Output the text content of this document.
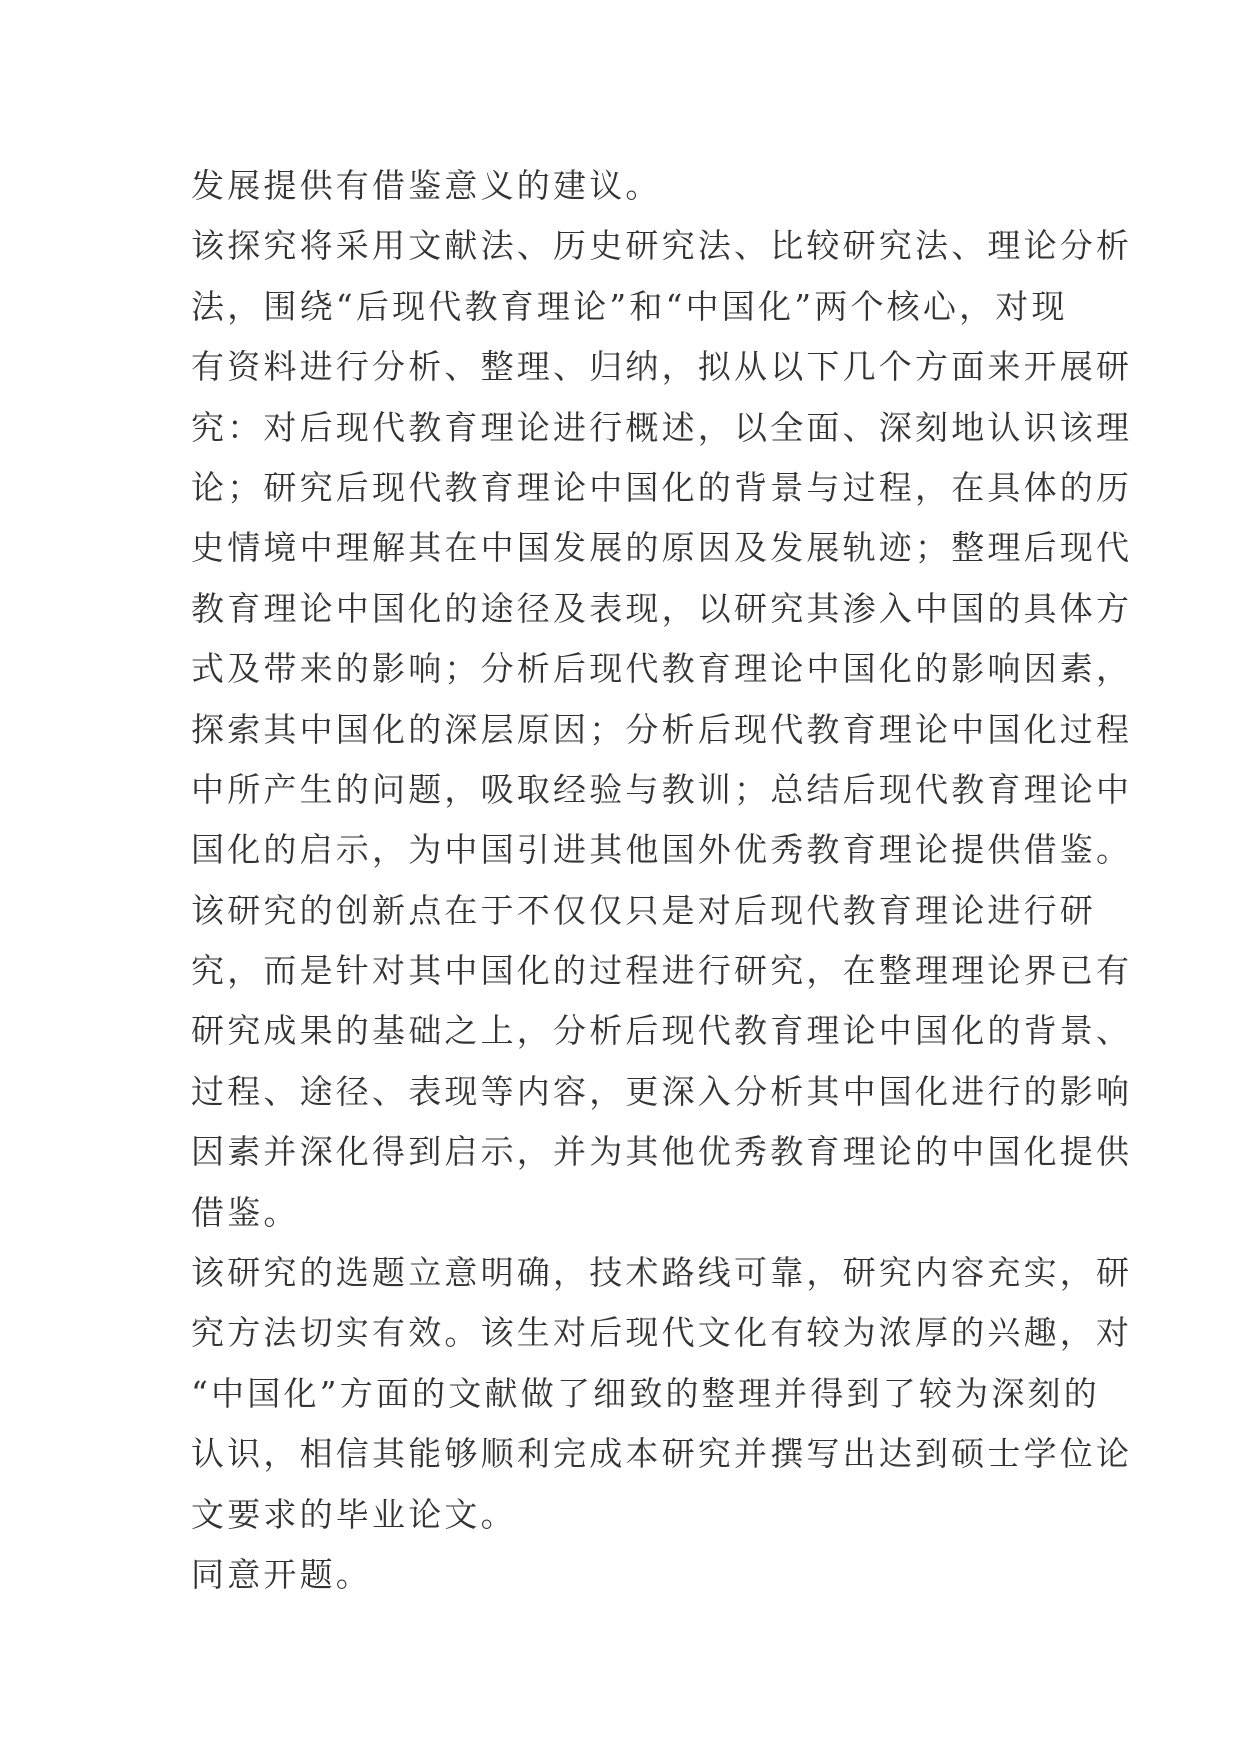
发展提供有借鉴意义的建议。
该探究将采用文献法、历史研究法、比较研究法、理论分析
法，围绕“后现代教育理论”和“中国化”两个核心，对现
有资料进行分析、整理、归纳，拟从以下几个方面来开展研
究：对后现代教育理论进行概述，以全面、深刻地认识该理
论；研究后现代教育理论中国化的背景与过程，在具体的历
史情境中理解其在中国发展的原因及发展轨迹；整理后现代
教育理论中国化的途径及表现，以研究其渗入中国的具体方
式及带来的影响；分析后现代教育理论中国化的影响因素，
探索其中国化的深层原因；分析后现代教育理论中国化过程
中所产生的问题，吸取经验与教训；总结后现代教育理论中
国化的启示，为中国引进其他国外优秀教育理论提供借鉴。
该研究的创新点在于不仅仅只是对后现代教育理论进行研
究，而是针对其中国化的过程进行研究，在整理理论界已有
研究成果的基础之上，分析后现代教育理论中国化的背景、
过程、途径、表现等内容，更深入分析其中国化进行的影响
因素并深化得到启示，并为其他优秀教育理论的中国化提供
借鉴。
该研究的选题立意明确，技术路线可靠，研究内容充实，研
究方法切实有效。该生对后现代文化有较为浓厚的兴趣，对
“中国化”方面的文献做了细致的整理并得到了较为深刻的
认识，相信其能够顺利完成本研究并撰写出达到硕士学位论
文要求的毕业论文。
同意开题。
